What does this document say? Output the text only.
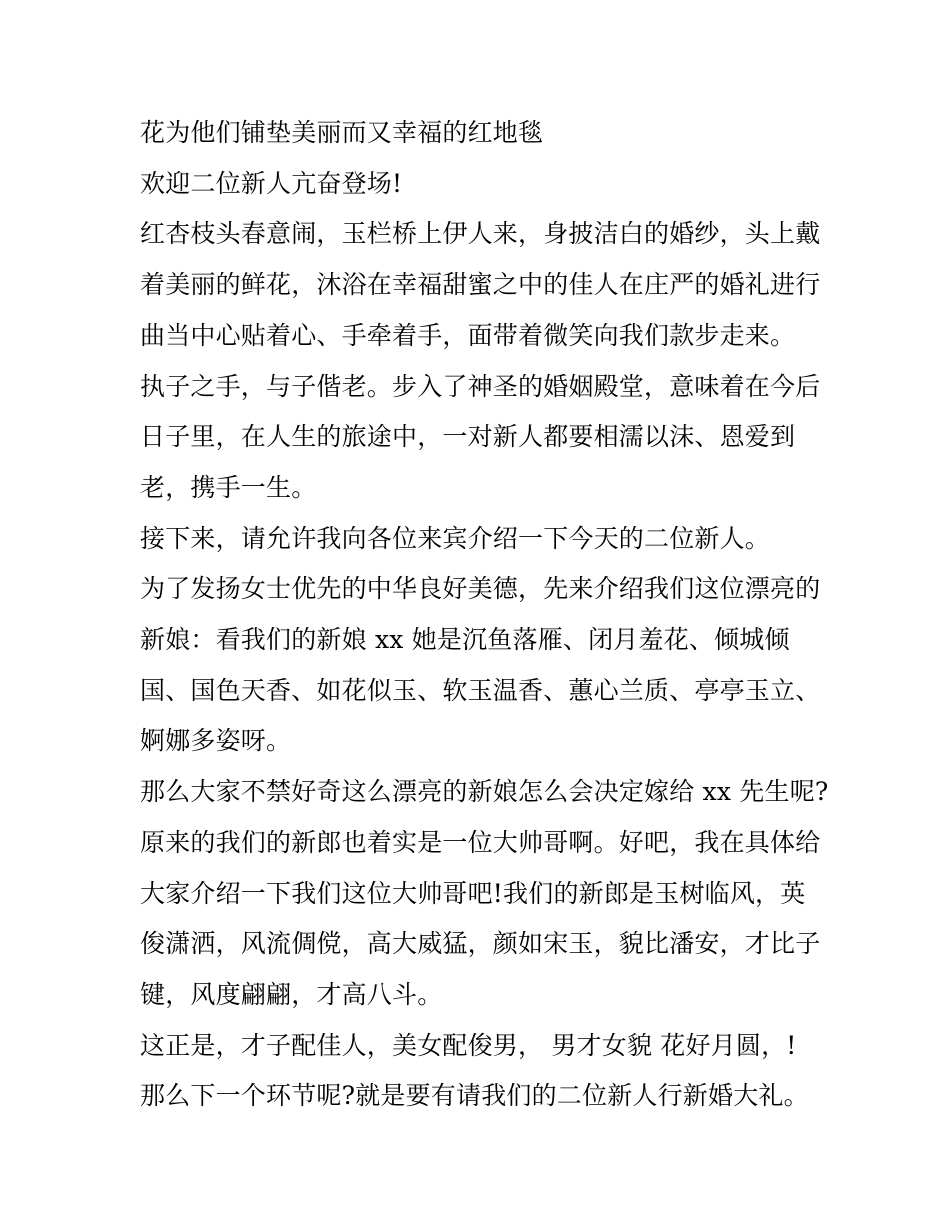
花为他们铺垫美丽而又幸福的红地毯

欢迎二位新人亢奋登场!

红杏枝头春意闹，玉栏桥上伊人来，身披洁白的婚纱，头上戴
着美丽的鲜花，沐浴在幸福甜蜜之中的佳人在庄严的婚礼进行
曲当中心贴着心、手牵着手，面带着微笑向我们款步走来。

执子之手，与子偕老。步入了神圣的婚姻殿堂，意味着在今后
日子里，在人生的旅途中，一对新人都要相濡以沫、恩爱到
老，携手一生。

接下来，请允许我向各位来宾介绍一下今天的二位新人。

为了发扬女士优先的中华良好美德，先来介绍我们这位漂亮的
新娘：看我们的新娘 xx 她是沉鱼落雁、闭月羞花、倾城倾
国、国色天香、如花似玉、软玉温香、蕙心兰质、亭亭玉立、
婀娜多姿呀。

那么大家不禁好奇这么漂亮的新娘怎么会决定嫁给 xx 先生呢?
原来的我们的新郎也着实是一位大帅哥啊。好吧，我在具体给
大家介绍一下我们这位大帅哥吧!我们的新郎是玉树临风，英
俊潇洒，风流倜傥，高大威猛，颜如宋玉，貌比潘安，才比子
键，风度翩翩，才高八斗。

这正是，才子配佳人，美女配俊男， 男才女貌 花好月圆，!

那么下一个环节呢?就是要有请我们的二位新人行新婚大礼。
